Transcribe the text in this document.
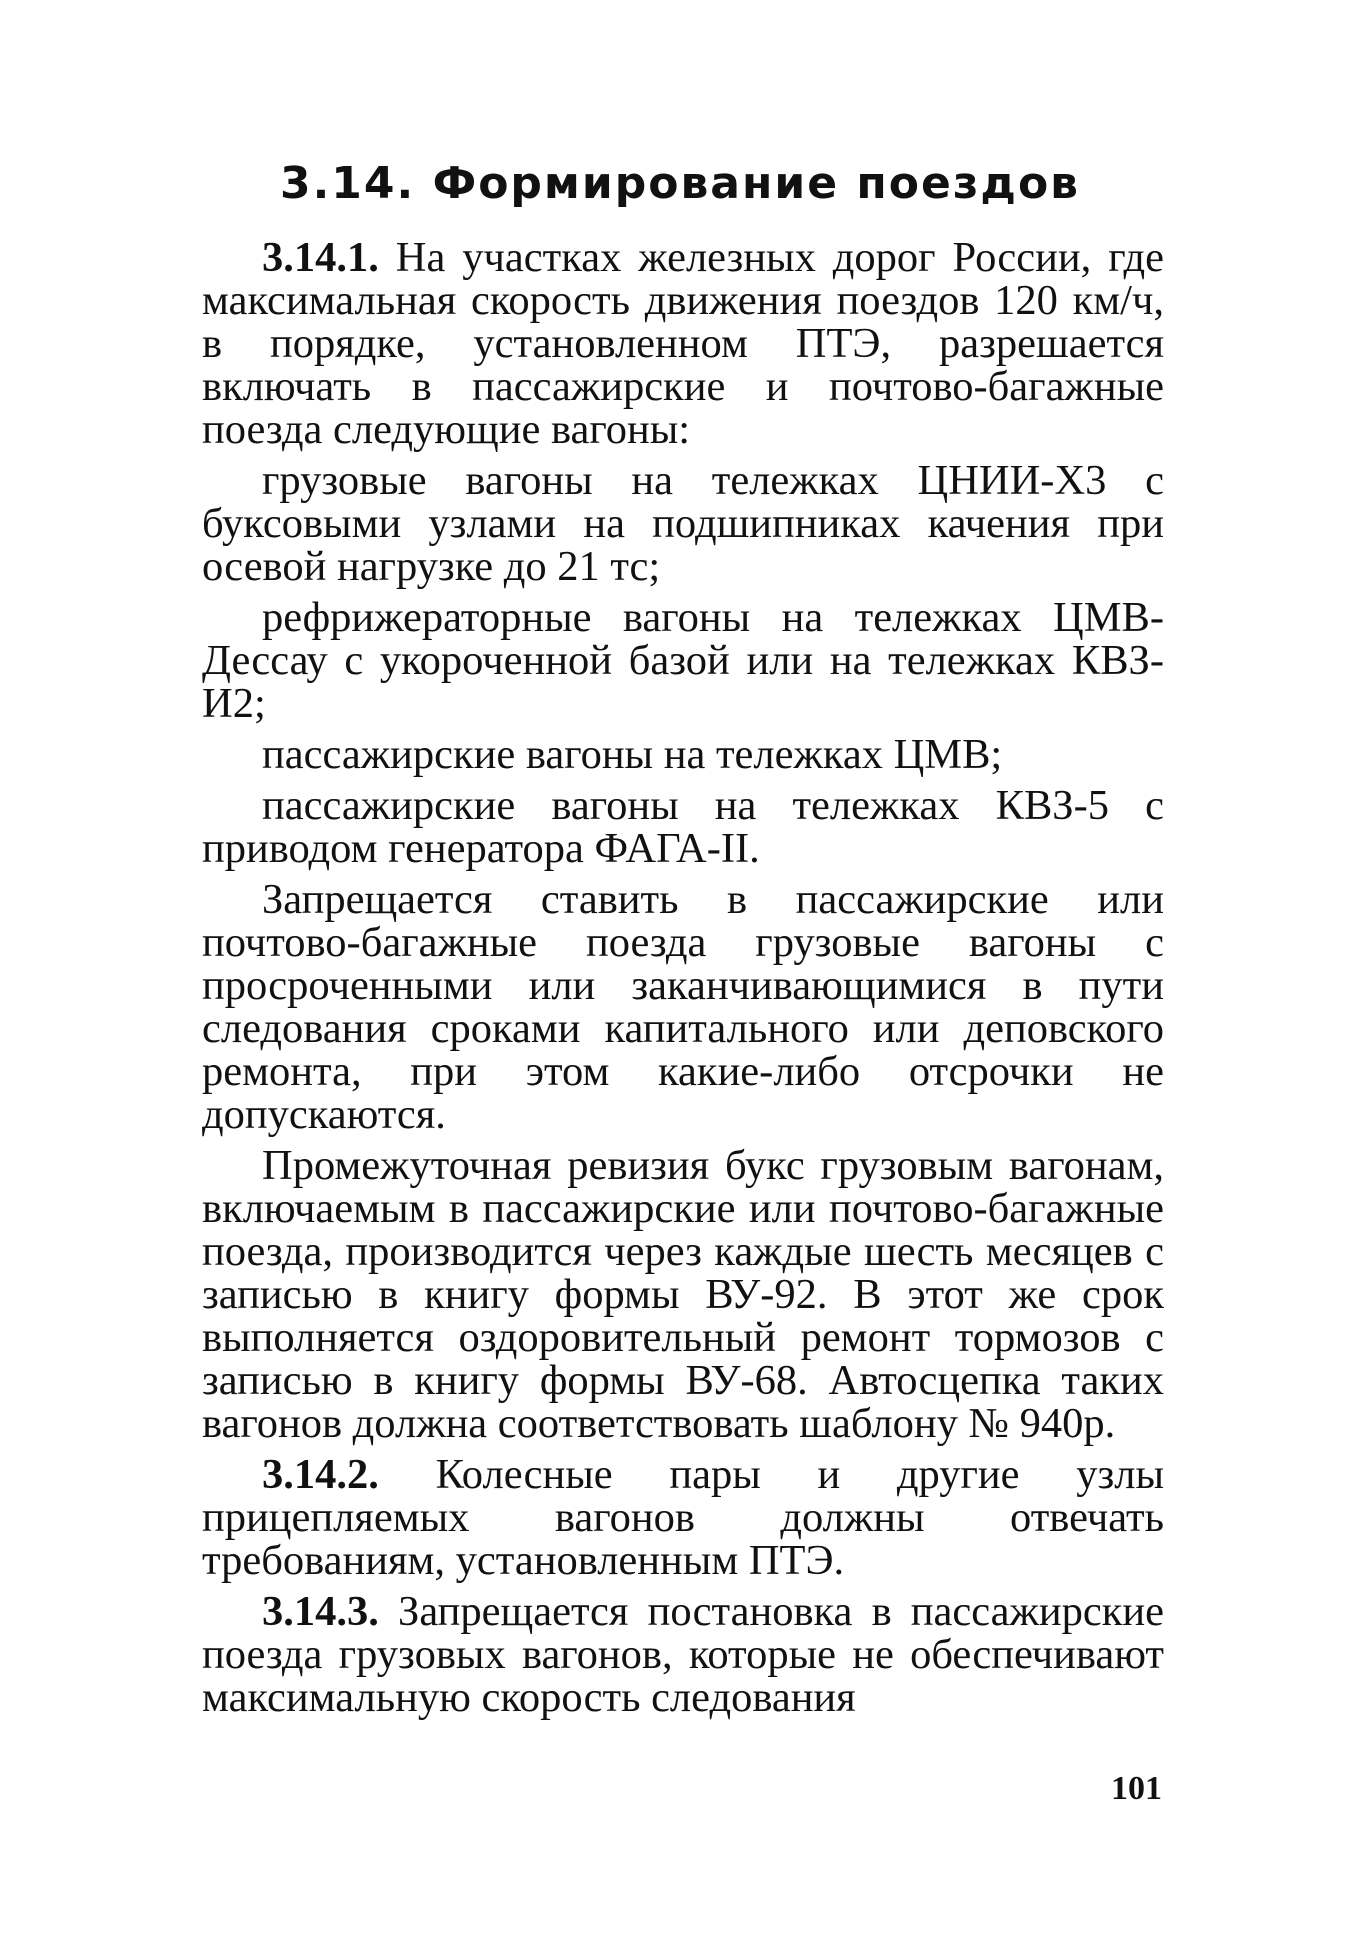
3.14. Формирование поездов

3.14.1. На участках железных дорог России, где максимальная скорость движения поездов 120 км/ч, в порядке, установленном ПТЭ, разрешается включать в пассажирские и почтово-багажные поезда следующие вагоны:

грузовые вагоны на тележках ЦНИИ-Х3 с буксовыми узлами на подшипниках качения при осевой нагрузке до 21 тс;

рефрижераторные вагоны на тележках ЦМВ-Дессау с укороченной базой или на тележках КВЗ-И2;

пассажирские вагоны на тележках ЦМВ;

пассажирские вагоны на тележках КВЗ-5 с приводом генератора ФАГА-II.

Запрещается ставить в пассажирские или почтово-багажные поезда грузовые вагоны с просроченными или заканчивающимися в пути следования сроками капитального или деповского ремонта, при этом какие-либо отсрочки не допускаются.

Промежуточная ревизия букс грузовым вагонам, включаемым в пассажирские или почтово-багажные поезда, производится через каждые шесть месяцев с записью в книгу формы ВУ-92. В этот же срок выполняется оздоровительный ремонт тормозов с записью в книгу формы ВУ-68. Автосцепка таких вагонов должна соответствовать шаблону № 940р.

3.14.2. Колесные пары и другие узлы прицепляемых вагонов должны отвечать требованиям, установленным ПТЭ.

3.14.3. Запрещается постановка в пассажирские поезда грузовых вагонов, которые не обеспечивают максимальную скорость следования

101
